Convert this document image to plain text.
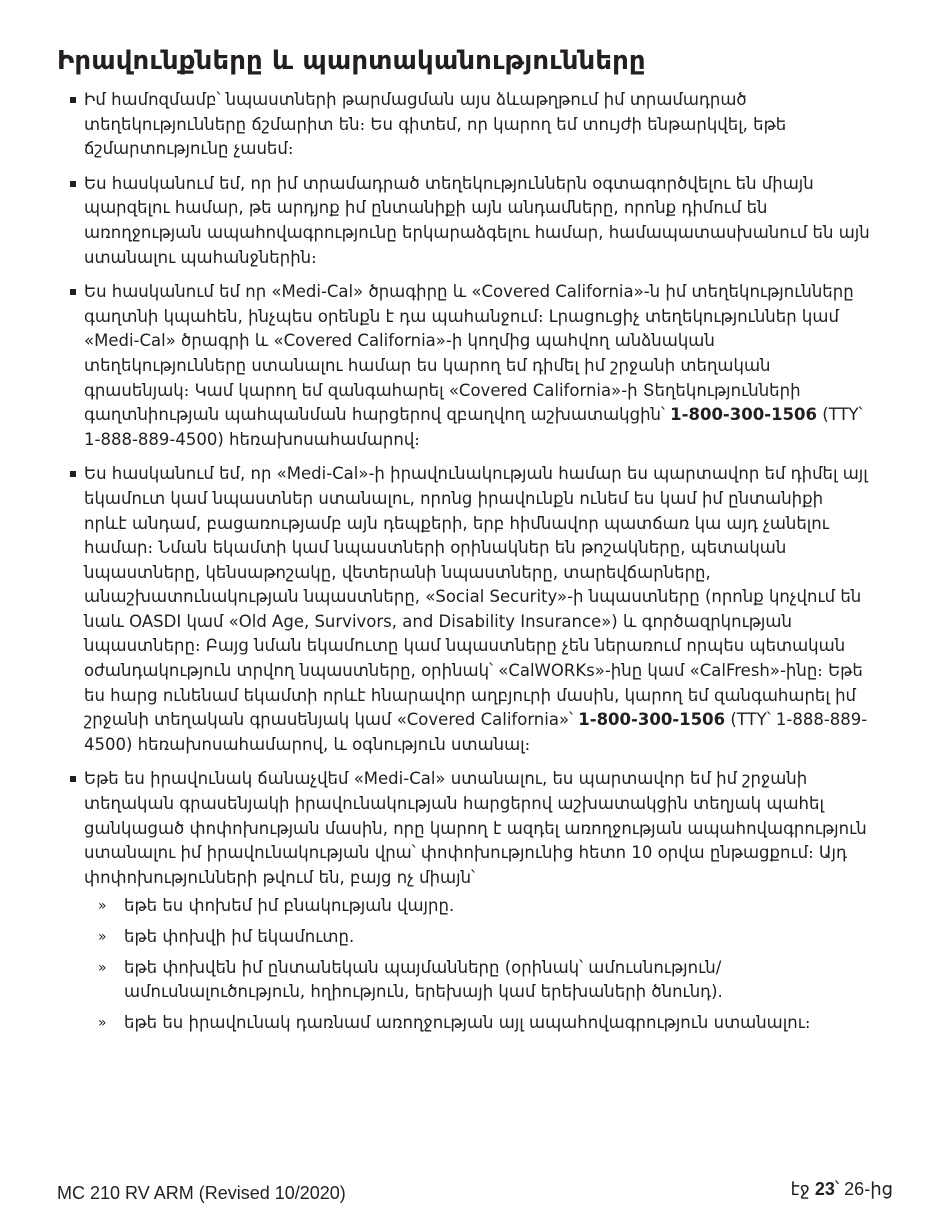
Իրավունքները և պարտականությունները
Իմ համոզմամբ՝ նպաստների թարմացման այս ձևաթղթում իմ տրամադրած տեղեկությունները ճշմարիտ են։ Ես գիտեմ, որ կարող եմ տույժի ենթարկվել, եթե ճշմարտությունը չասեմ։
Ես հասկանում եմ, որ իմ տրամադրած տեղեկություններն օգտագործվելու են միայն պարզելու համար, թե արդյոք իմ ընտանիքի այն անդամները, որոնք դիմում են առողջության ապահովագրությունը երկարաձգելու համար, համապատասխանում են այն ստանալու պահանջներին։
Ես հասկանում եմ որ «Medi-Cal» ծրագիրը և «Covered California»-ն իմ տեղեկությունները գաղտնի կպահեն, ինչպես օրենքն է դա պահանջում։ Լրացուցիչ տեղեկություններ կամ «Medi-Cal» ծրագրի և «Covered California»-ի կողմից պահվող անձնական տեղեկությունները ստանալու համար ես կարող եմ դիմել իմ շրջանի տեղական գրասենյակ։ Կամ կարող եմ զանգահարել «Covered California»-ի Տեղեկությունների գաղտնիության պահպանման հարցերով զբաղվող աշխատակցին՝ 1-800-300-1506 (TTY՝ 1-888-889-4500) հեռախոսահամարով։
Ես հասկանում եմ, որ «Medi-Cal»-ի իրավունակության համար ես պարտավոր եմ դիմել այլ եկամուտ կամ նպաստներ ստանալու, որոնց իրավունքն ունեմ ես կամ իմ ընտանիքի որևէ անդամ, բացառությամբ այն դեպքերի, երբ հիմնավոր պատճառ կա այդ չանելու համար։ Նման եկամտի կամ նպաստների օրինակներ են թոշակները, պետական նպաստները, կենսաթոշակը, վետերանի նպաստները, տարեվճարները, անաշխատունակության նպաստները, «Social Security»-ի նպաստները (որոնք կոչվում են նաև OASDI կամ «Old Age, Survivors, and Disability Insurance») և գործազրկության նպաստները։ Բայց նման եկամուտը կամ նպաստները չեն ներառում որպես պետական օժանդակություն տրվող նպաստները, օրինակ՝ «CalWORKs»-ինը կամ «CalFresh»-ինը։ Եթե ես հարց ունենամ եկամտի որևէ հնարավոր աղբյուրի մասին, կարող եմ զանգահարել իմ շրջանի տեղական գրասենյակ կամ «Covered California»՝ 1-800-300-1506 (TTY՝ 1-888-889-4500) հեռախոսահամարով, և օգնություն ստանալ։
Եթե ես իրավունակ ճանաչվեմ «Medi-Cal» ստանալու, ես պարտավոր եմ իմ շրջանի տեղական գրասենյակի իրավունակության հարցերով աշխատակցին տեղյակ պահել ցանկացած փոփոխության մասին, որը կարող է ազդել առողջության ապահովագրություն ստանալու իմ իրավունակության վրա՝ փոփոխությունից հետո 10 օրվա ընթացքում։ Այդ փոփոխությունների թվում են, բայց ոչ միայն՝
» եթե ես փոխեմ իմ բնակության վայրը.
» եթե փոխվի իմ եկամուտը.
» եթե փոխվեն իմ ընտանեկան պայմանները (օրինակ՝ ամուսնություն/ ամուսնալուծություն, հղիություն, երեխայի կամ երեխաների ծնունդ).
» եթե ես իրավունակ դառնամ առողջության այլ ապահովագրություն ստանալու։
MC 210 RV ARM (Revised 10/2020)	էջ 23՝ 26-ից
